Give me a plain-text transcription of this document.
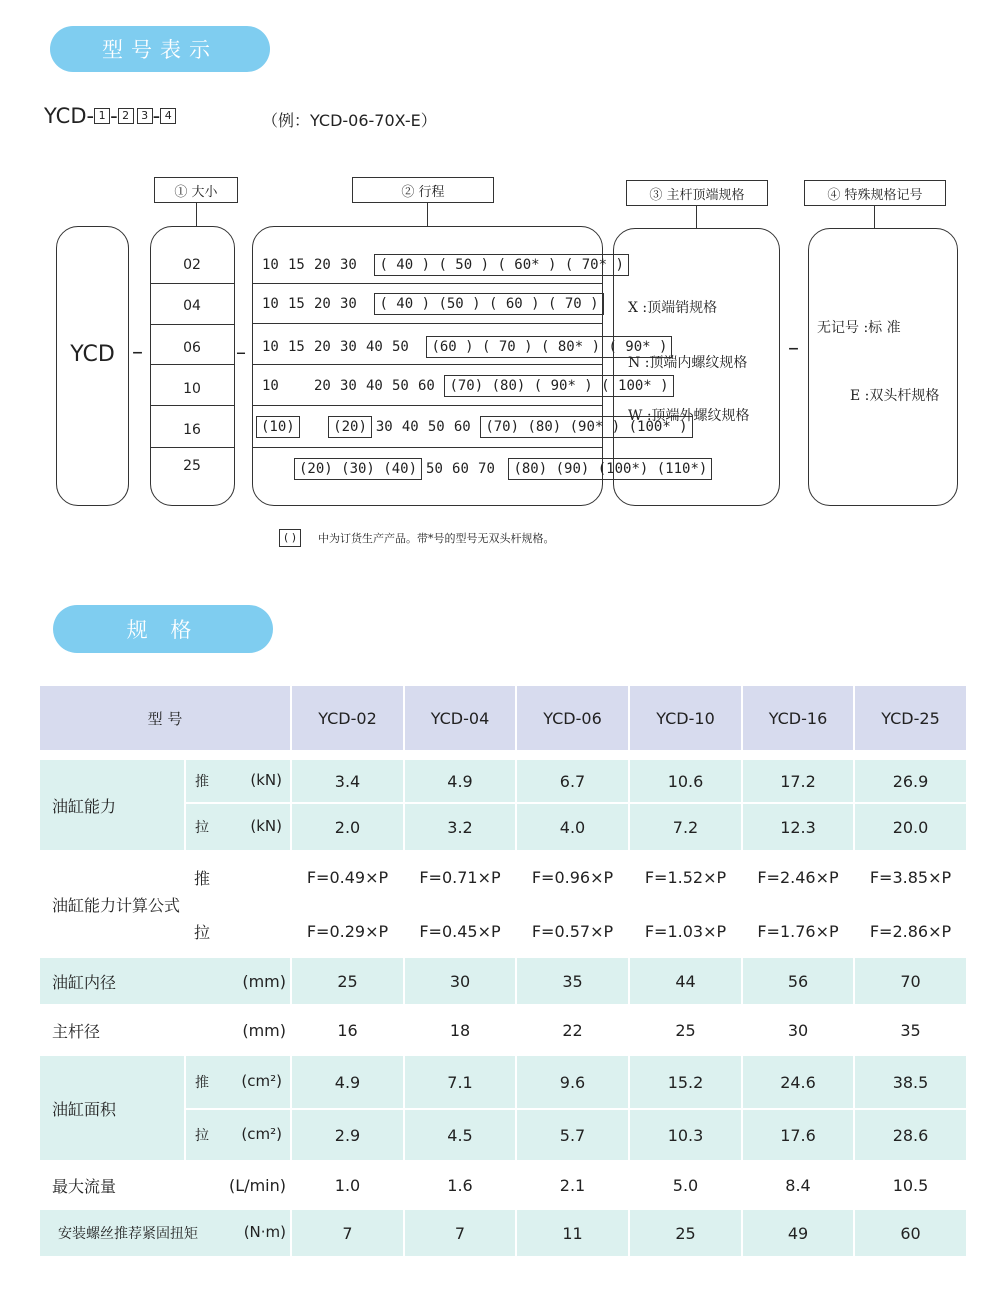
型号表示
YCD- 1 - 2	3 - 4	（例：YCD-06-70X-E）
① 大小	② 行程	③ 主杆顶端规格	④ 特殊规格记号
YCD –
02
04
06
10
16
25
–
10 15 20 30 ( 40 ) ( 50 ) ( 60* ) ( 70* )
10 15 20 30 ( 40 ) (50 ) ( 60 ) ( 70 )
10 15 20 30 40 50 (60 ) ( 70 ) ( 80* ) ( 90* )
10	20 30 40 50 60 (70) (80) ( 90* ) ( 100* )
(10)	(20) 30 40 50 60 (70) (80) (90* ) (100* )
(20) (30) (40) 50 60 70 (80) (90) (100*) (110*)
X :顶端销规格
N :顶端内螺纹规格
W :顶端外螺纹规格
–
无记号 :标 准
E :双头杆规格
( )	中为订货生产产品。带*号的型号无双头杆规格。
规 格
型 号		YCD-02	YCD-04	YCD-06	YCD-10	YCD-16	YCD-25

油缸能力	推 (kN)	3.4	4.9	6.7	10.6	17.2	26.9
	拉 (kN)	2.0	3.2	4.0	7.2	12.3	20.0
油缸能力计算公式	推	F=0.49×P	F=0.71×P	F=0.96×P	F=1.52×P	F=2.46×P	F=3.85×P
	拉	F=0.29×P	F=0.45×P	F=0.57×P	F=1.03×P	F=1.76×P	F=2.86×P
油缸内径	(mm)	25	30	35	44	56	70
主杆径	(mm)	16	18	22	25	30	35
油缸面积	推 (cm²)	4.9	7.1	9.6	15.2	24.6	38.5
	拉 (cm²)	2.9	4.5	5.7	10.3	17.6	28.6
最大流量	(L/min)	1.0	1.6	2.1	5.0	8.4	10.5
安装螺丝推荐紧固扭矩 (N·m)		7	7	11	25	49	60
